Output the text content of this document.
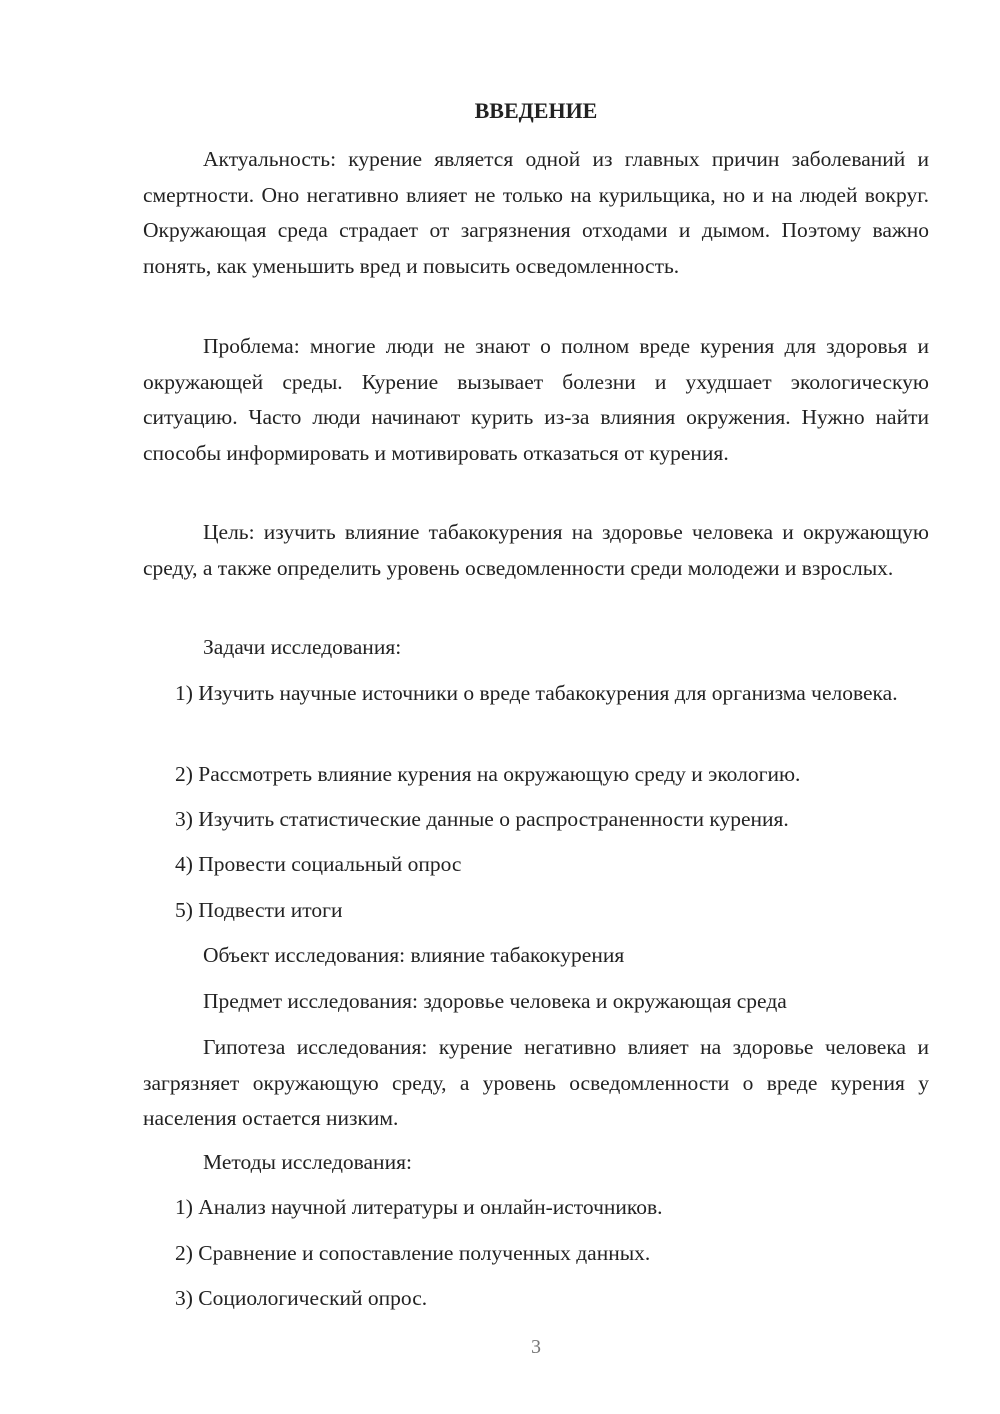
ВВЕДЕНИЕ

Актуальность: курение является одной из главных причин заболеваний и смертности. Оно негативно влияет не только на курильщика, но и на людей вокруг. Окружающая среда страдает от загрязнения отходами и дымом. Поэтому важно понять, как уменьшить вред и повысить осведомленность.

Проблема: многие люди не знают о полном вреде курения для здоровья и окружающей среды. Курение вызывает болезни и ухудшает экологическую ситуацию. Часто люди начинают курить из-за влияния окружения. Нужно найти способы информировать и мотивировать отказаться от курения.

Цель: изучить влияние табакокурения на здоровье человека и окружающую среду, а также определить уровень осведомленности среди молодежи и взрослых.

Задачи исследования:

1) Изучить научные источники о вреде табакокурения для организма человека.

2) Рассмотреть влияние курения на окружающую среду и экологию.

3) Изучить статистические данные о распространенности курения.

4) Провести социальный опрос

5) Подвести итоги

Объект исследования: влияние табакокурения

Предмет исследования: здоровье человека и окружающая среда

Гипотеза исследования: курение негативно влияет на здоровье человека и загрязняет окружающую среду, а уровень осведомленности о вреде курения у населения остается низким.

Методы исследования:

1) Анализ научной литературы и онлайн-источников.

2) Сравнение и сопоставление полученных данных.

3) Социологический опрос.

3
